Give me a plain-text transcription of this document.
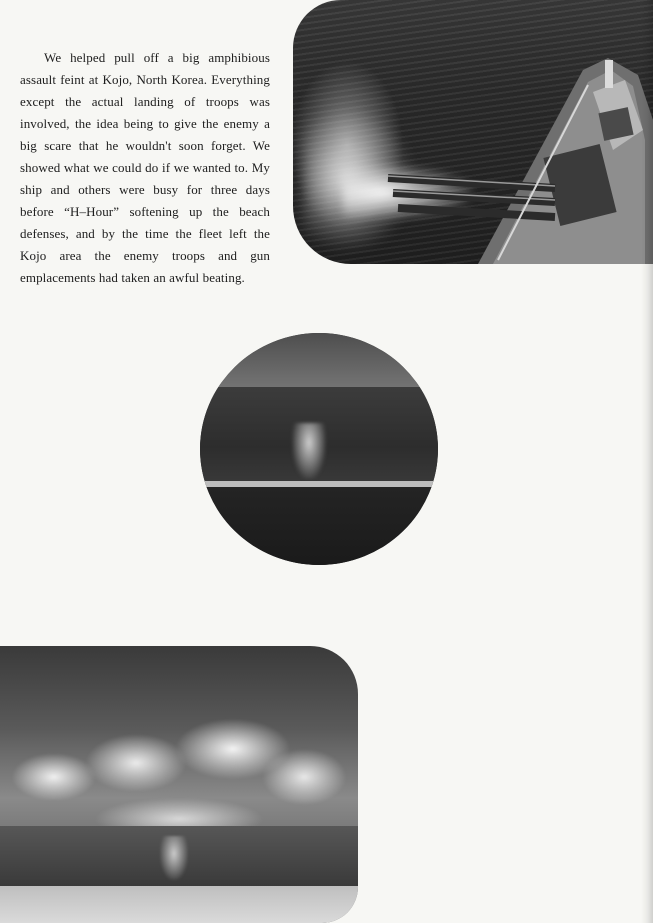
We helped pull off a big amphibious assault feint at Kojo, North Korea. Everything except the actual landing of troops was involved, the idea being to give the enemy a big scare that he wouldn't soon forget. We showed what we could do if we wanted to. My ship and others were busy for three days before “H–Hour” softening up the beach defenses, and by the time the fleet left the Kojo area the enemy troops and gun emplacements had taken an awful beating.
